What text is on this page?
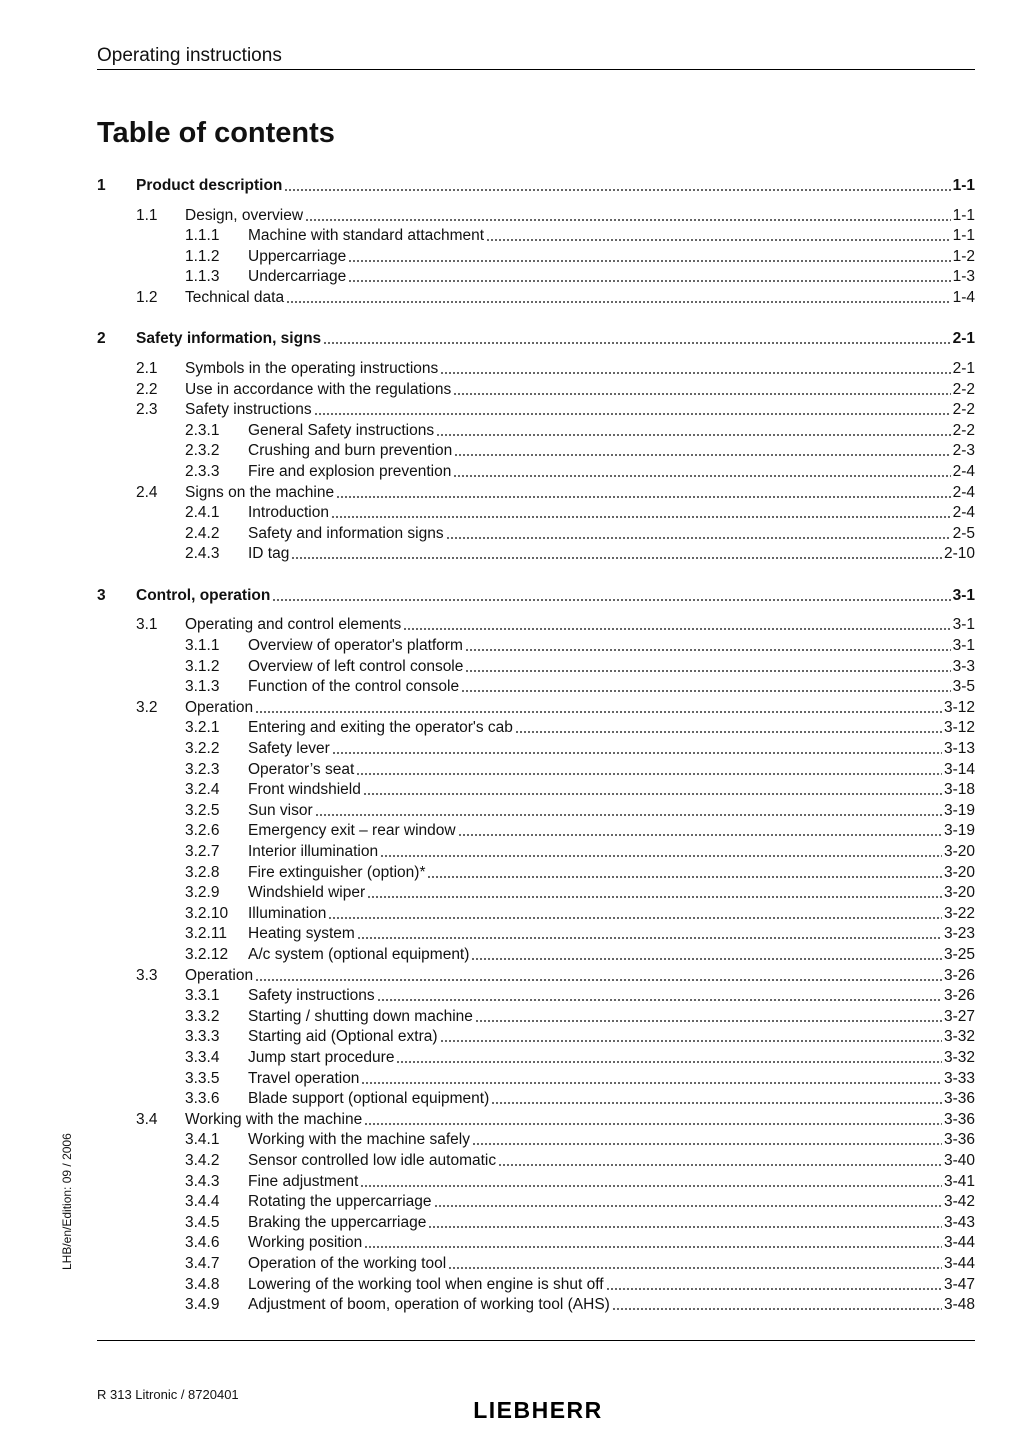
Operating instructions
Table of contents
1 Product description	1-1
1.1 Design, overview	1-1
1.1.1 Machine with standard attachment	1-1
1.1.2 Uppercarriage	1-2
1.1.3 Undercarriage	1-3
1.2 Technical data	1-4
2 Safety information, signs	2-1
2.1 Symbols in the operating instructions	2-1
2.2 Use in accordance with the regulations	2-2
2.3 Safety instructions	2-2
2.3.1 General Safety instructions	2-2
2.3.2 Crushing and burn prevention	2-3
2.3.3 Fire and explosion prevention	2-4
2.4 Signs on the machine	2-4
2.4.1 Introduction	2-4
2.4.2 Safety and information signs	2-5
2.4.3 ID tag	2-10
3 Control, operation	3-1
3.1 Operating and control elements	3-1
3.1.1 Overview of operator's platform	3-1
3.1.2 Overview of left control console	3-3
3.1.3 Function of the control console	3-5
3.2 Operation	3-12
3.2.1 Entering and exiting the operator's cab	3-12
3.2.2 Safety lever	3-13
3.2.3 Operator’s seat	3-14
3.2.4 Front windshield	3-18
3.2.5 Sun visor	3-19
3.2.6 Emergency exit – rear window	3-19
3.2.7 Interior illumination	3-20
3.2.8 Fire extinguisher (option)*	3-20
3.2.9 Windshield wiper	3-20
3.2.10 Illumination	3-22
3.2.11 Heating system	3-23
3.2.12 A/c system (optional equipment)	3-25
3.3 Operation	3-26
3.3.1 Safety instructions	3-26
3.3.2 Starting / shutting down machine	3-27
3.3.3 Starting aid (Optional extra)	3-32
3.3.4 Jump start procedure	3-32
3.3.5 Travel operation	3-33
3.3.6 Blade support (optional equipment)	3-36
3.4 Working with the machine	3-36
3.4.1 Working with the machine safely	3-36
3.4.2 Sensor controlled low idle automatic	3-40
3.4.3 Fine adjustment	3-41
3.4.4 Rotating the uppercarriage	3-42
3.4.5 Braking the uppercarriage	3-43
3.4.6 Working position	3-44
3.4.7 Operation of the working tool	3-44
3.4.8 Lowering of the working tool when engine is shut off	3-47
3.4.9 Adjustment of boom, operation of working tool (AHS)	3-48
LHB/en/Edition: 09 / 2006
R 313 Litronic / 8720401
LIEBHERR
